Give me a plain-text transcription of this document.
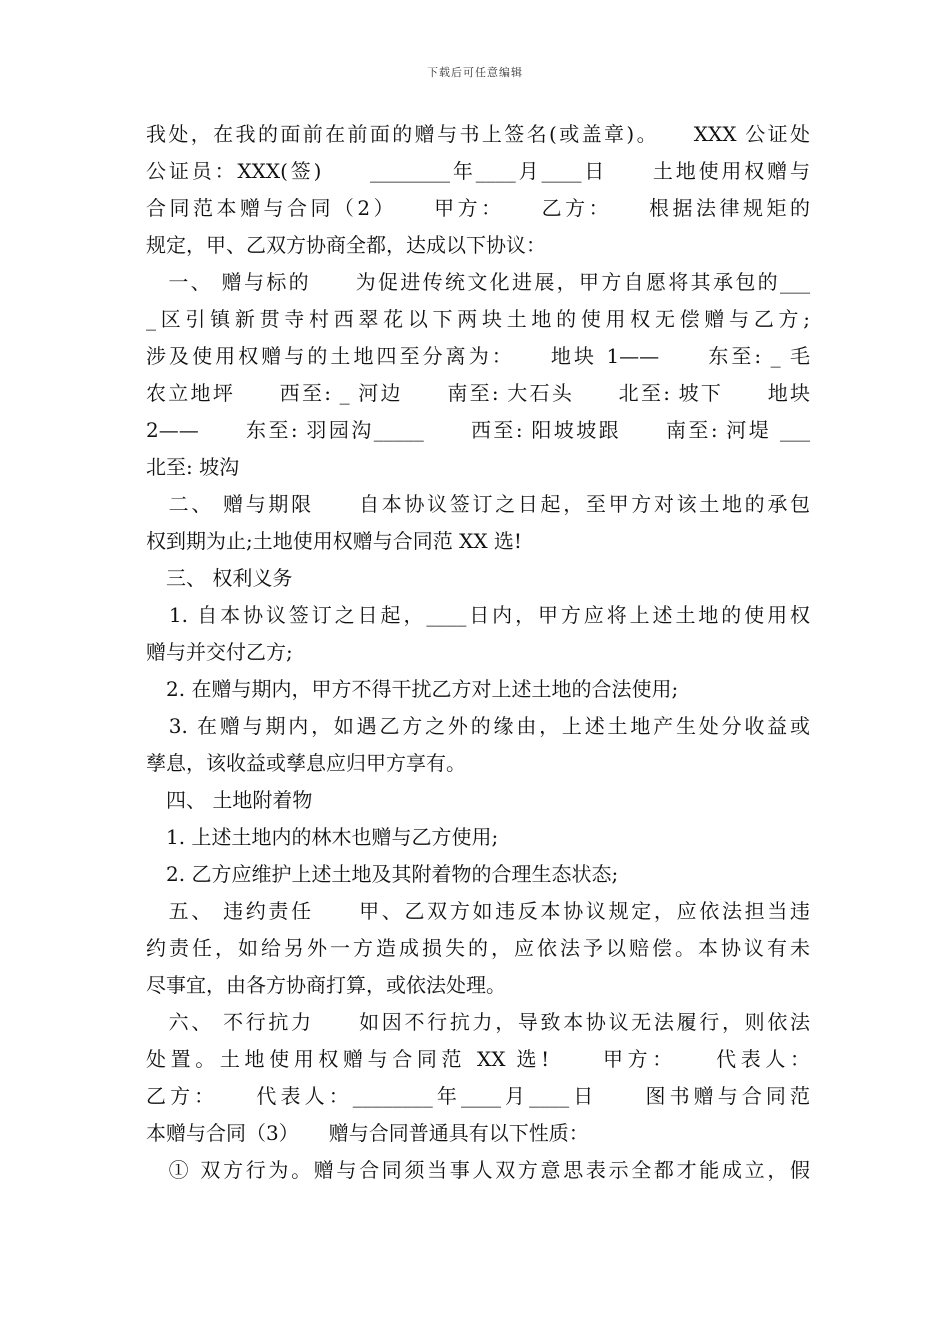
下载后可任意编辑
我处，在我的面前在前面的赠与书上签名(或盖章)。　　XXX 公证处
公证员：XXX(签)　　________年____月____日　　土地使用权赠与
合同范本赠与合同（2）　　甲方：　　乙方：　　根据法律规矩的
规定，甲、乙双方协商全都，达成以下协议：
　一、 赠与标的　　为促进传统文化进展，甲方自愿将其承包的___
_区引镇新贯寺村西翠花以下两块土地的使用权无偿赠与乙方;
涉及使用权赠与的土地四至分离为：　　地块 1——　　东至: _ 毛
农立地坪　　西至: _ 河边　　南至: 大石头　　北至: 坡下　　地块
2——　　东至: 羽园沟_____　　西至: 阳坡坡跟　　南至: 河堤 ___
北至: 坡沟
　二、 赠与期限　　自本协议签订之日起，至甲方对该土地的承包
权到期为止;土地使用权赠与合同范 XX 选!
　三、 权利义务
　1. 自本协议签订之日起，____日内，甲方应将上述土地的使用权
赠与并交付乙方;
　2. 在赠与期内，甲方不得干扰乙方对上述土地的合法使用;
　3. 在赠与期内，如遇乙方之外的缘由，上述土地产生处分收益或
孳息，该收益或孳息应归甲方享有。
　四、 土地附着物
　1. 上述土地内的林木也赠与乙方使用;
　2. 乙方应维护上述土地及其附着物的合理生态状态;
　五、 违约责任　　甲、乙双方如违反本协议规定，应依法担当违
约责任，如给另外一方造成损失的，应依法予以赔偿。本协议有未
尽事宜，由各方协商打算，或依法处理。
　六、 不行抗力　　如因不行抗力，导致本协议无法履行，则依法
处置。土地使用权赠与合同范 XX 选!　　甲方：　　代表人：
乙方：　　代表人：________年____月____日　　图书赠与合同范
本赠与合同（3）　　赠与合同普通具有以下性质：
　① 双方行为。赠与合同须当事人双方意思表示全都才能成立，假
